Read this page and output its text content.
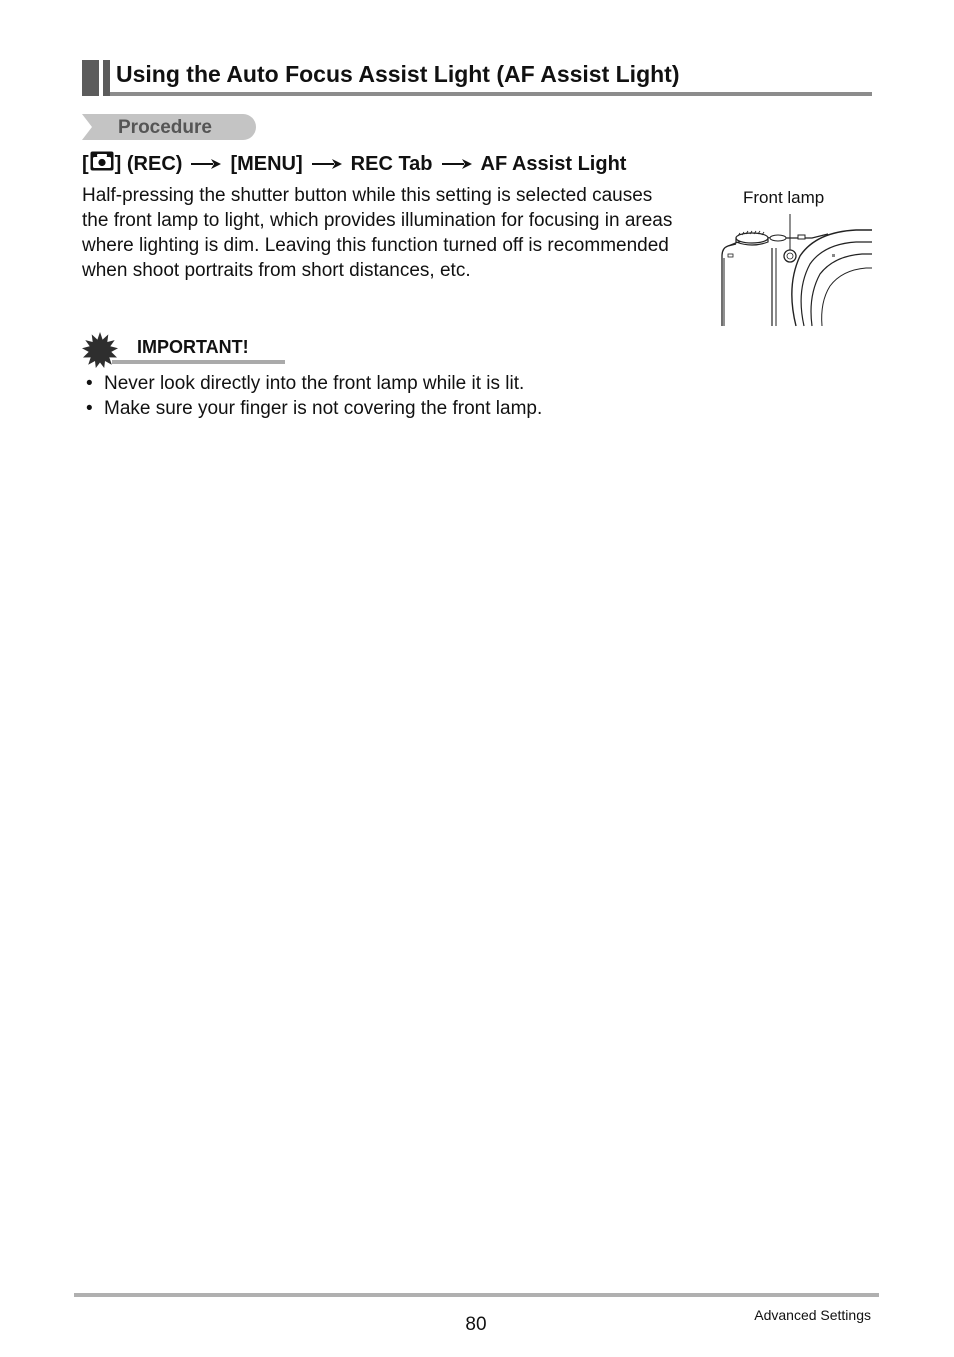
Using the Auto Focus Assist Light (AF Assist Light)
Procedure
[ ] (REC) [MENU] REC Tab AF Assist Light

Half-pressing the shutter button while this setting is selected causes the front lamp to light, which provides illumination for focusing in areas where lighting is dim. Leaving this function turned off is recommended when shoot portraits from short distances, etc.

Front lamp
IMPORTANT!
• Never look directly into the front lamp while it is lit.
• Make sure your finger is not covering the front lamp.
80	Advanced Settings
